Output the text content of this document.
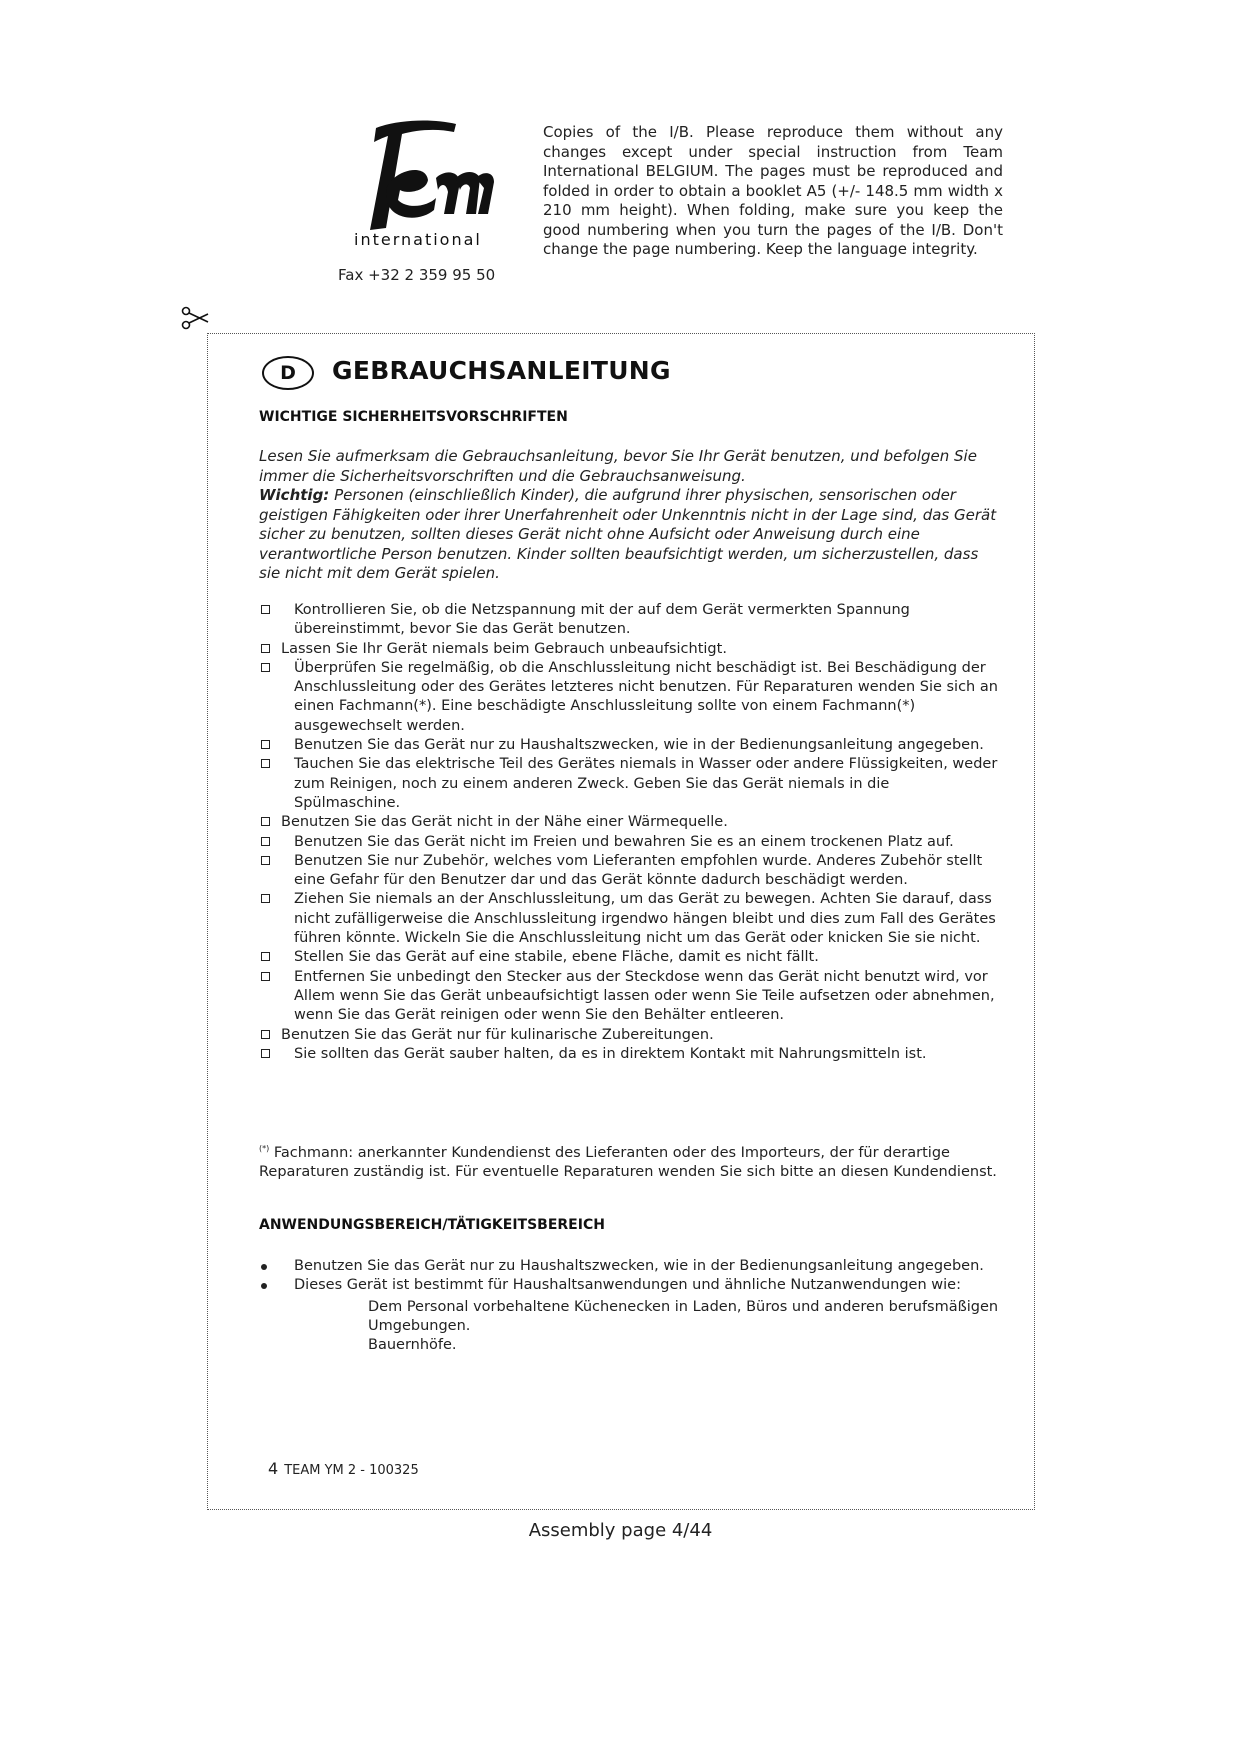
international
Fax +32 2 359 95 50
Copies of the I/B. Please reproduce them without any changes except under special instruction from Team International BELGIUM. The pages must be reproduced and folded in order to obtain a booklet A5 (+/- 148.5 mm width x 210 mm height). When folding, make sure you keep the good numbering when you turn the pages of the I/B. Don't change the page numbering. Keep the language integrity.
D	GEBRAUCHSANLEITUNG
WICHTIGE SICHERHEITSVORSCHRIFTEN

Lesen Sie aufmerksam die Gebrauchsanleitung, bevor Sie Ihr Gerät benutzen, und befolgen Sie immer die Sicherheitsvorschriften und die Gebrauchsanweisung.

Wichtig: Personen (einschließlich Kinder), die aufgrund ihrer physischen, sensorischen oder geistigen Fähigkeiten oder ihrer Unerfahrenheit oder Unkenntnis nicht in der Lage sind, das Gerät sicher zu benutzen, sollten dieses Gerät nicht ohne Aufsicht oder Anweisung durch eine verantwortliche Person benutzen. Kinder sollten beaufsichtigt werden, um sicherzustellen, dass sie nicht mit dem Gerät spielen.

Kontrollieren Sie, ob die Netzspannung mit der auf dem Gerät vermerkten Spannung übereinstimmt, bevor Sie das Gerät benutzen.
Lassen Sie Ihr Gerät niemals beim Gebrauch unbeaufsichtigt.
Überprüfen Sie regelmäßig, ob die Anschlussleitung nicht beschädigt ist. Bei Beschädigung der Anschlussleitung oder des Gerätes letzteres nicht benutzen. Für Reparaturen wenden Sie sich an einen Fachmann(*). Eine beschädigte Anschlussleitung sollte von einem Fachmann(*) ausgewechselt werden.
Benutzen Sie das Gerät nur zu Haushaltszwecken, wie in der Bedienungsanleitung angegeben.
Tauchen Sie das elektrische Teil des Gerätes niemals in Wasser oder andere Flüssigkeiten, weder zum Reinigen, noch zu einem anderen Zweck. Geben Sie das Gerät niemals in die Spülmaschine.
Benutzen Sie das Gerät nicht in der Nähe einer Wärmequelle.
Benutzen Sie das Gerät nicht im Freien und bewahren Sie es an einem trockenen Platz auf.
Benutzen Sie nur Zubehör, welches vom Lieferanten empfohlen wurde. Anderes Zubehör stellt eine Gefahr für den Benutzer dar und das Gerät könnte dadurch beschädigt werden.
Ziehen Sie niemals an der Anschlussleitung, um das Gerät zu bewegen. Achten Sie darauf, dass nicht zufälligerweise die Anschlussleitung irgendwo hängen bleibt und dies zum Fall des Gerätes führen könnte. Wickeln Sie die Anschlussleitung nicht um das Gerät oder knicken Sie sie nicht.
Stellen Sie das Gerät auf eine stabile, ebene Fläche, damit es nicht fällt.
Entfernen Sie unbedingt den Stecker aus der Steckdose wenn das Gerät nicht benutzt wird, vor Allem wenn Sie das Gerät unbeaufsichtigt lassen oder wenn Sie Teile aufsetzen oder abnehmen, wenn Sie das Gerät reinigen oder wenn Sie den Behälter entleeren.
Benutzen Sie das Gerät nur für kulinarische Zubereitungen.
Sie sollten das Gerät sauber halten, da es in direktem Kontakt mit Nahrungsmitteln ist.
(*) Fachmann: anerkannter Kundendienst des Lieferanten oder des Importeurs, der für derartige Reparaturen zuständig ist. Für eventuelle Reparaturen wenden Sie sich bitte an diesen Kundendienst.
ANWENDUNGSBEREICH/TÄTIGKEITSBEREICH
Benutzen Sie das Gerät nur zu Haushaltszwecken, wie in der Bedienungsanleitung angegeben.
Dieses Gerät ist bestimmt für Haushaltsanwendungen und ähnliche Nutzanwendungen wie:
Dem Personal vorbehaltene Küchenecken in Laden, Büros und anderen berufsmäßigen Umgebungen.
Bauernhöfe.
4 TEAM YM 2 - 100325
Assembly page 4/44
